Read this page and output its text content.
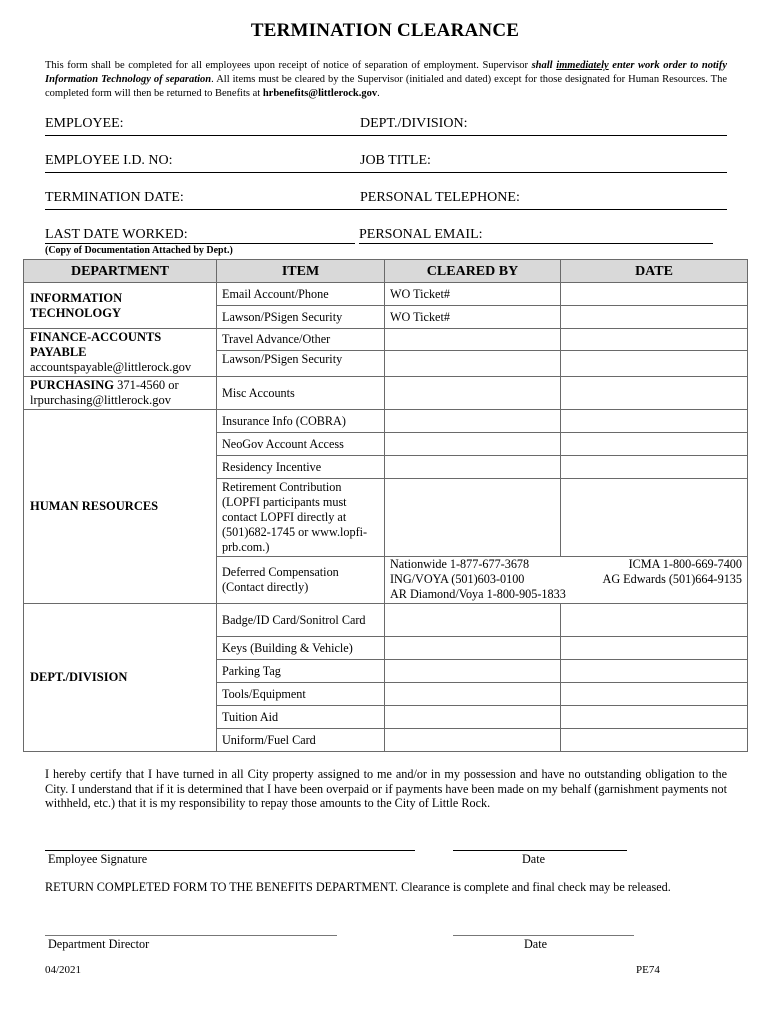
TERMINATION CLEARANCE
This form shall be completed for all employees upon receipt of notice of separation of employment. Supervisor shall immediately enter work order to notify Information Technology of separation. All items must be cleared by the Supervisor (initialed and dated) except for those designated for Human Resources. The completed form will then be returned to Benefits at hrbenefits@littlerock.gov.
EMPLOYEE:	DEPT./DIVISION:
EMPLOYEE I.D. NO:	JOB TITLE:
TERMINATION DATE:	PERSONAL TELEPHONE:
LAST DATE WORKED:	PERSONAL EMAIL:
(Copy of Documentation Attached by Dept.)
DEPARTMENT	ITEM	CLEARED BY	DATE
INFORMATION TECHNOLOGY	Email Account/Phone	WO Ticket#	
	Lawson/PSigen Security	WO Ticket#	

FINANCE-ACCOUNTS PAYABLE
accountspayable@littlerock.gov	Travel Advance/Other		
	Lawson/PSigen Security		
PURCHASING 371-4560 or lrpurchasing@littlerock.gov	Misc Accounts		
HUMAN RESOURCES	Insurance Info (COBRA)		
	NeoGov Account Access		
	Residency Incentive		
	Retirement Contribution (LOPFI participants must contact LOPFI directly at (501)682-1745 or www.lopfi-prb.com.)		
	Deferred Compensation (Contact directly)	Nationwide 1-877-677-3678 ICMA 1-800-669-7400
ING/VOYA (501)603-0100 AG Edwards (501)664-9135
AR Diamond/Voya 1-800-905-1833	

DEPT./DIVISION	Badge/ID Card/Sonitrol Card		
	Keys (Building & Vehicle)		
	Parking Tag		
	Tools/Equipment		
	Tuition Aid		
	Uniform/Fuel Card		
I hereby certify that I have turned in all City property assigned to me and/or in my possession and have no outstanding obligation to the City. I understand that if it is determined that I have been overpaid or if payments have been made on my behalf (garnishment payments not withheld, etc.) that it is my responsibility to repay those amounts to the City of Little Rock.
Employee Signature	Date
RETURN COMPLETED FORM TO THE BENEFITS DEPARTMENT. Clearance is complete and final check may be released.
Department Director	Date
04/2021	PE74
